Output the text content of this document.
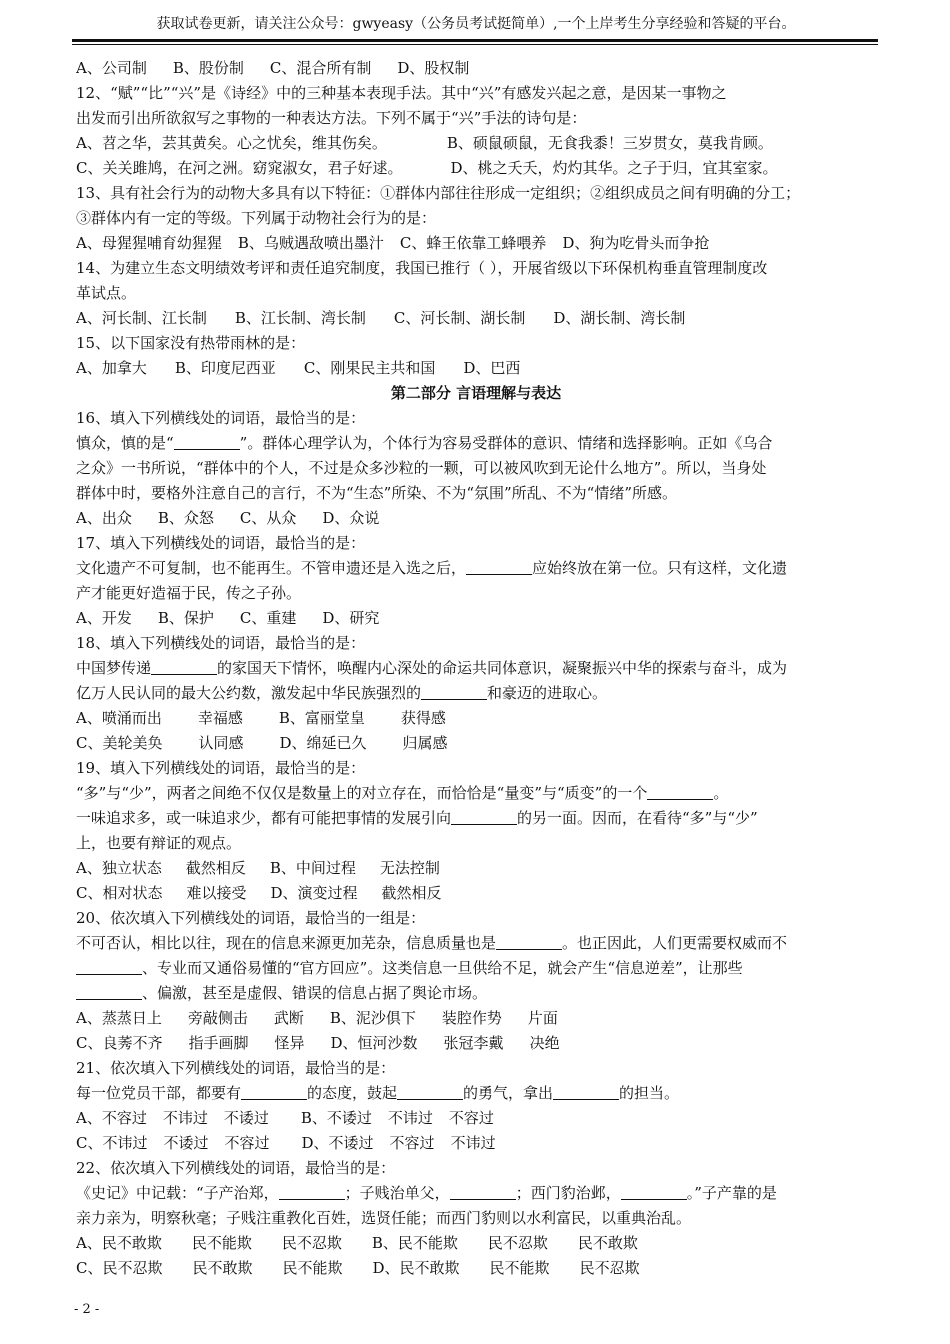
获取试卷更新，请关注公众号：gwyeasy（公务员考试挺简单）,一个上岸考生分享经验和答疑的平台。
A、公司制 B、股份制 C、混合所有制 D、股权制
12、“赋”“比”“兴”是《诗经》中的三种基本表现手法。其中“兴”有感发兴起之意，是因某一事物之
出发而引出所欲叙写之事物的一种表达方法。下列不属于“兴”手法的诗句是：
A、苕之华，芸其黄矣。心之忧矣，维其伤矣。	B、硕鼠硕鼠，无食我黍！三岁贯女，莫我肯顾。
C、关关雎鸠，在河之洲。窈窕淑女，君子好逑。	D、桃之夭夭，灼灼其华。之子于归，宜其室家。
13、具有社会行为的动物大多具有以下特征：①群体内部往往形成一定组织；②组织成员之间有明确的分工；
③群体内有一定的等级。下列属于动物社会行为的是：
A、母猩猩哺育幼猩猩 B、乌贼遇敌喷出墨汁 C、蜂王依靠工蜂喂养 D、狗为吃骨头而争抢
14、为建立生态文明绩效考评和责任追究制度，我国已推行（ ），开展省级以下环保机构垂直管理制度改
革试点。
A、河长制、江长制 B、江长制、湾长制 C、河长制、湖长制 D、湖长制、湾长制
15、以下国家没有热带雨林的是：
A、加拿大 B、印度尼西亚 C、刚果民主共和国 D、巴西
第二部分 言语理解与表达
16、填入下列横线处的词语，最恰当的是：
慎众，慎的是“	”。群体心理学认为，个体行为容易受群体的意识、情绪和选择影响。正如《乌合
之众》一书所说，“群体中的个人，不过是众多沙粒的一颗，可以被风吹到无论什么地方”。所以，当身处
群体中时，要格外注意自己的言行，不为“生态”所染、不为“氛围”所乱、不为“情绪”所感。
A、出众 B、众怒 C、从众 D、众说
17、填入下列横线处的词语，最恰当的是：
文化遗产不可复制，也不能再生。不管申遗还是入选之后，	应始终放在第一位。只有这样，文化遗
产才能更好造福于民，传之子孙。
A、开发 B、保护 C、重建 D、研究
18、填入下列横线处的词语，最恰当的是：
中国梦传递	的家国天下情怀，唤醒内心深处的命运共同体意识，凝聚振兴中华的探索与奋斗，成为
亿万人民认同的最大公约数，激发起中华民族强烈的	和豪迈的进取心。
A、喷涌而出 幸福感 B、富丽堂皇 获得感
C、美轮美奂 认同感 D、绵延已久 归属感
19、填入下列横线处的词语，最恰当的是：
“多”与“少”，两者之间绝不仅仅是数量上的对立存在，而恰恰是“量变”与“质变”的一个	。
一味追求多，或一味追求少，都有可能把事情的发展引向	的另一面。因而，在看待“多”与“少”
上，也要有辩证的观点。
A、独立状态 截然相反 B、中间过程 无法控制
C、相对状态 难以接受 D、演变过程 截然相反
20、依次填入下列横线处的词语，最恰当的一组是：
不可否认，相比以往，现在的信息来源更加芜杂，信息质量也是	。也正因此，人们更需要权威而不
、专业而又通俗易懂的“官方回应”。这类信息一旦供给不足，就会产生“信息逆差”，让那些
、偏激，甚至是虚假、错误的信息占据了舆论市场。
A、蒸蒸日上 旁敲侧击 武断 B、泥沙俱下 装腔作势 片面
C、良莠不齐 指手画脚 怪异 D、恒河沙数 张冠李戴 决绝
21、依次填入下列横线处的词语，最恰当的是：
每一位党员干部，都要有	的态度，鼓起	的勇气，拿出	的担当。
A、不容过 不讳过 不诿过 B、不诿过 不讳过 不容过
C、不讳过 不诿过 不容过 D、不诿过 不容过 不讳过
22、依次填入下列横线处的词语，最恰当的是：
《史记》中记载：“子产治郑，	；子贱治单父，	；西门豹治邺，	。”子产靠的是
亲力亲为，明察秋毫；子贱注重教化百姓，选贤任能；而西门豹则以水利富民，以重典治乱。
A、民不敢欺 民不能欺 民不忍欺 B、民不能欺 民不忍欺 民不敢欺
C、民不忍欺 民不敢欺 民不能欺 D、民不敢欺 民不能欺 民不忍欺
- 2 -
